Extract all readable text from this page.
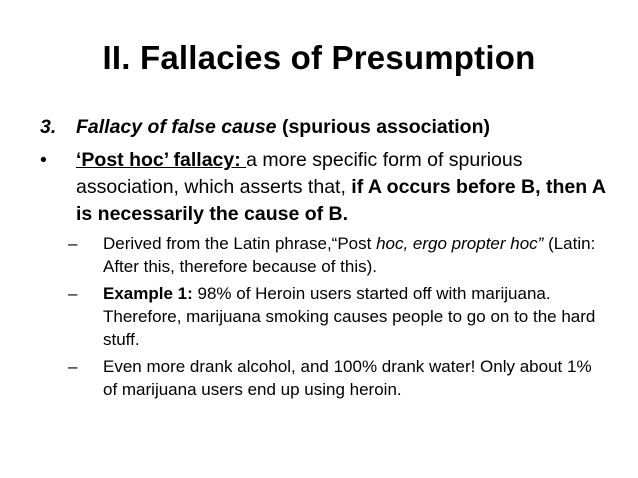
II. Fallacies of Presumption
3. Fallacy of false cause (spurious association)
• ‘Post hoc’ fallacy: a more specific form of spurious association, which asserts that, if A occurs before B, then A is necessarily the cause of B.
– Derived from the Latin phrase,“Post hoc, ergo propter hoc” (Latin: After this, therefore because of this).
– Example 1: 98% of Heroin users started off with marijuana. Therefore, marijuana smoking causes people to go on to the hard stuff.
– Even more drank alcohol, and 100% drank water! Only about 1% of marijuana users end up using heroin.
